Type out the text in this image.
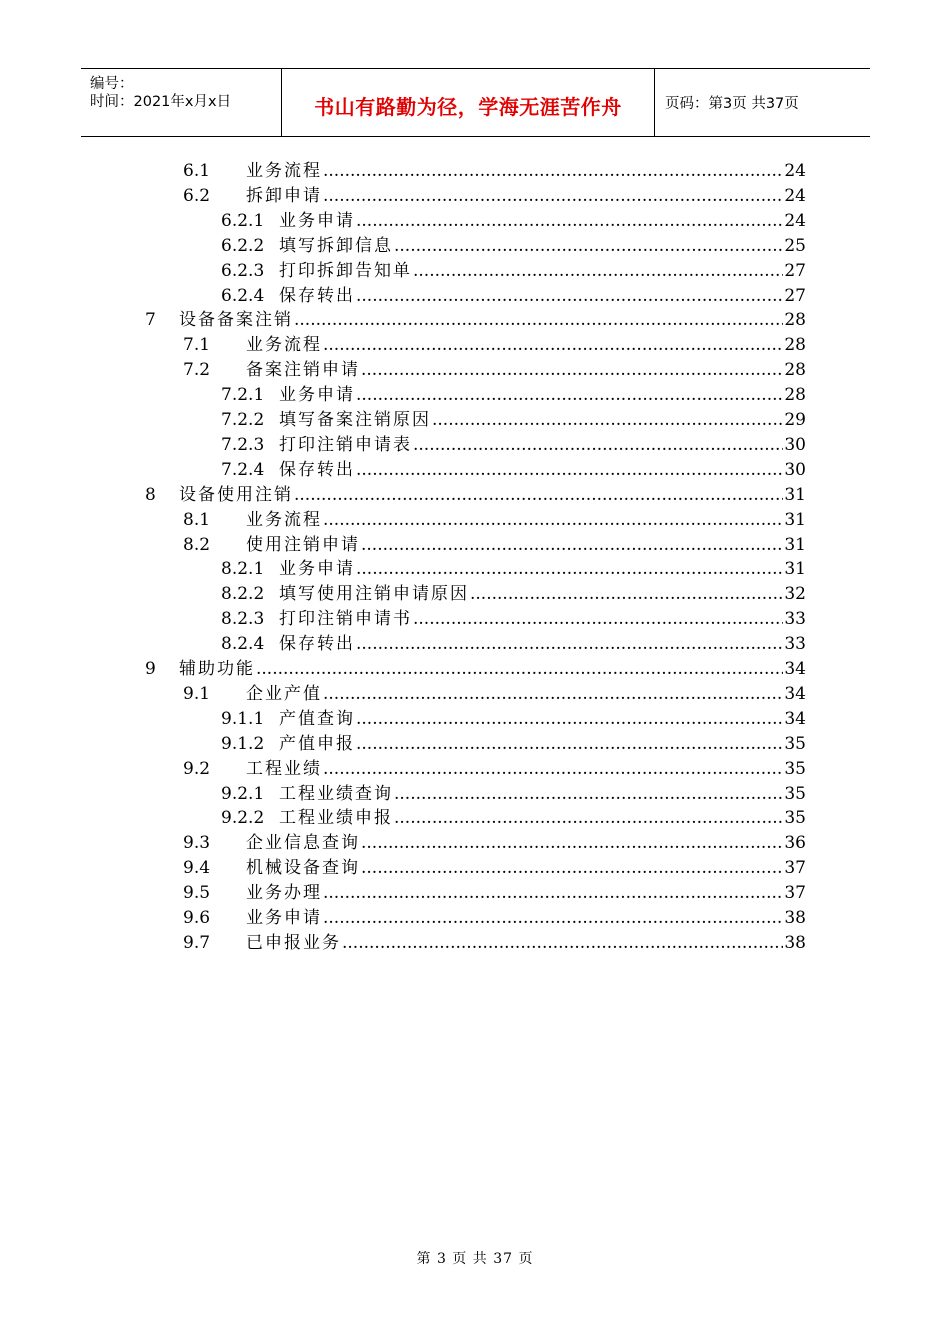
编号：
时间：2021年x月x日	书山有路勤为径，学海无涯苦作舟	页码：第3页 共37页
6.1	业务流程 .....	24
6.2	拆卸申请 .....	24
6.2.1 业务申请 .....	24
6.2.2 填写拆卸信息 .....	25
6.2.3 打印拆卸告知单 .....	27
6.2.4 保存转出 .....	27
7	设备备案注销 .....	28
7.1	业务流程 .....	28
7.2	备案注销申请 .....	28
7.2.1 业务申请 .....	28
7.2.2 填写备案注销原因 .....	29
7.2.3 打印注销申请表 .....	30
7.2.4 保存转出 .....	30
8	设备使用注销 .....	31
8.1	业务流程 .....	31
8.2	使用注销申请 .....	31
8.2.1 业务申请 .....	31
8.2.2 填写使用注销申请原因 .....	32
8.2.3 打印注销申请书 .....	33
8.2.4 保存转出 .....	33
9	辅助功能 .....	34
9.1	企业产值 .....	34
9.1.1 产值查询 .....	34
9.1.2 产值申报 .....	35
9.2	工程业绩 .....	35
9.2.1 工程业绩查询 .....	35
9.2.2 工程业绩申报 .....	35
9.3	企业信息查询 .....	36
9.4	机械设备查询 .....	37
9.5	业务办理 .....	37
9.6	业务申请 .....	38
9.7	已申报业务 .....	38
第 3 页 共 37 页
